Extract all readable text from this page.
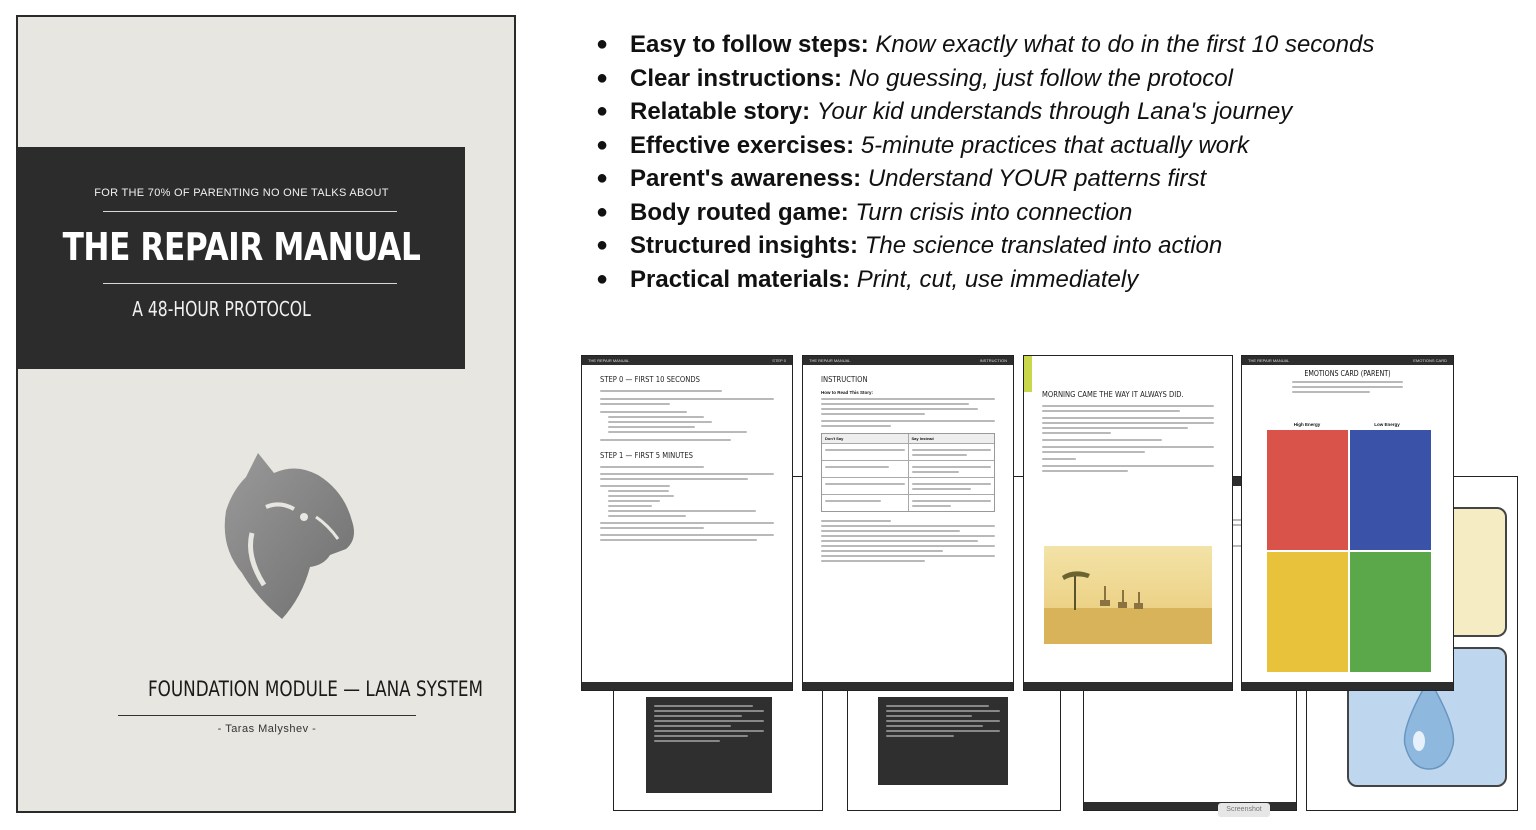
FOR THE 70% OF PARENTING NO ONE TALKS ABOUT
THE REPAIR MANUAL
A 48-HOUR PROTOCOL
FOUNDATION MODULE — LANA SYSTEM
- Taras Malyshev -
● Easy to follow steps: Know exactly what to do in the first 10 seconds
● Clear instructions: No guessing, just follow the protocol
● Relatable story: Your kid understands through Lana's journey
● Effective exercises: 5-minute practices that actually work
● Parent's awareness: Understand YOUR patterns first
● Body routed game: Turn crisis into connection
● Structured insights: The science translated into action
● Practical materials: Print, cut, use immediately
THE REPAIR MANUAL	STEP 0
STEP 0 — FIRST 10 SECONDS
STEP 1 — FIRST 5 MINUTES
THE REPAIR MANUAL	INSTRUCTION
INSTRUCTION
How to Read This Story:
Don't Say	Say Instead
MORNING CAME THE WAY IT ALWAYS DID.
THE REPAIR MANUAL	EMOTIONS CARD
EMOTIONS CARD (PARENT)
High Energy	Low Energy
Screenshot
